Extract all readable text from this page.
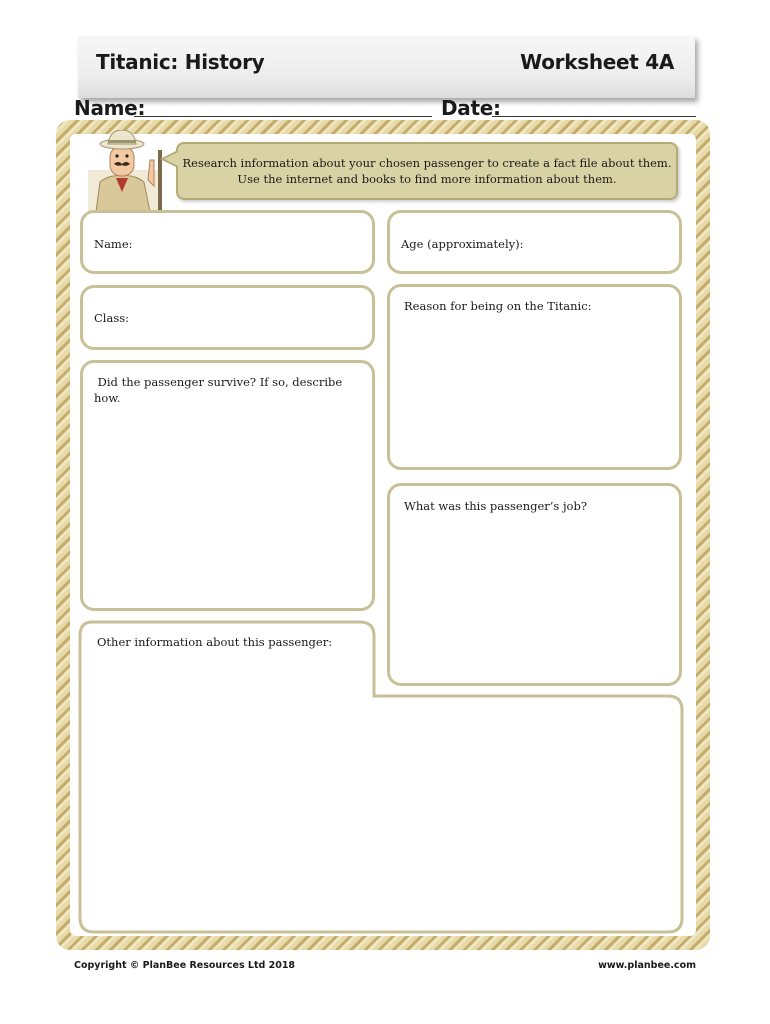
Titanic: History	Worksheet 4A
Name:	Date:
Research information about your chosen passenger to create a fact file about them.
Use the internet and books to find more information about them.
Name:	Age (approximately):
Class:
Reason for being on the Titanic:
Did the passenger survive? If so, describe
how.
What was this passenger’s job?
Other information about this passenger:
Copyright © PlanBee Resources Ltd 2018	www.planbee.com
